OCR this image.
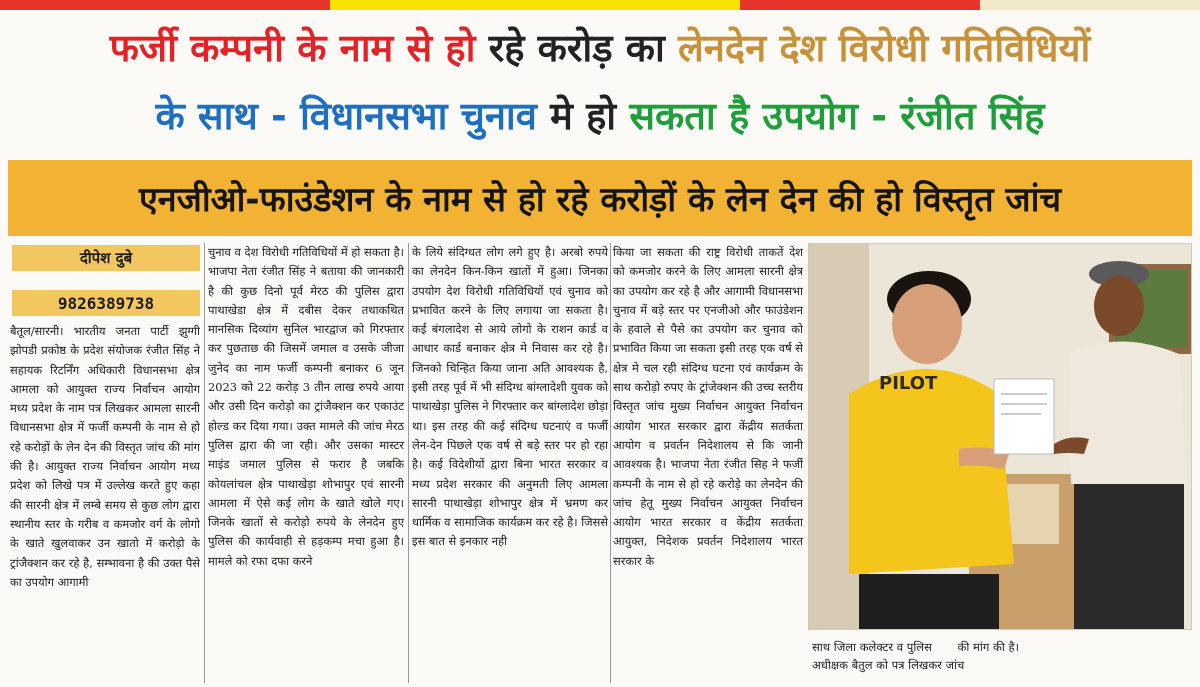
फर्जी कम्पनी के नाम से हो रहे करोड़ का लेनदेन देश विरोधी गतिविधियों
के साथ - विधानसभा चुनाव मे हो सकता है उपयोग - रंजीत सिंह
एनजीओ-फाउंडेशन के नाम से हो रहे करोड़ों के लेन देन की हो विस्तृत जांच
दीपेश दुबे
9826389738
बैतूल/सारनी। भारतीय जनता पार्टी झुग्गी झोपडी प्रकोष्ठ के प्रदेश संयोजक रंजीत सिंह ने सहायक रिटर्निंग अधिकारी विधानसभा क्षेत्र आमला को आयुक्त राज्य निर्वाचन आयोग मध्य प्रदेश के नाम पत्र लिखकर आमला सारनी विधानसभा क्षेत्र में फर्जी कम्पनी के नाम से हो रहे करोड़ों के लेन देन की विस्तृत जांच की मांग की है। आयुक्त राज्य निर्वाचन आयोग मध्य प्रदेश को लिखे पत्र में उल्लेख करते हुए कहा की सारनी क्षेत्र में लम्बे समय से कुछ लोग द्वारा स्थानीय स्तर के गरीब व कमजोर वर्ग के लोगो के खाते खुलवाकर उन खातो में करोड़ो के ट्रांजैक्शन कर रहे है, सम्भावना है की उक्त पैसे का उपयोग आगामी
चुनाव व देश विरोधी गतिविधियों में हो सकता है। भाजपा नेता रंजीत सिंह ने बताया की जानकारी है की कुछ दिनो पूर्व मेरठ की पुलिस द्वारा पाथाखेडा क्षेत्र में दबीस देकर तथाकथित मानसिक दिव्यांग सुनिल भारद्वाज को गिरफ्तार कर पुछताछ की जिसमें जमाल व उसके जीजा जुनेद का नाम फर्जी कम्पनी बनाकर 6 जून 2023 को 22 करोड़ 3 तीन लाख रुपये आया और उसी दिन करोड़ो का ट्रांजैक्शन कर एकाउंट होल्ड कर दिया गया। उक्त मामले की जांच मेरठ पुलिस द्वारा की जा रही। और उसका मास्टर माइंड जमाल पुलिस से फरार है जबकि कोयलांचल क्षेत्र पाथाखेड़ा शोभापुर एवं सारनी आमला में ऐसे कई लोग के खाते खोले गए। जिनके खातों से करोड़ो रुपये के लेनदेन हुए पुलिस की कार्यवाही से हड़कम्प मचा हुआ है। मामले को रफा दफा करने
के लिये संदिग्धत लोग लगे हुए है। अरबो रुपये का लेनदेन किन-किन खातों में हुआ। जिनका उपयोग देश विरोधी गतिविधियों एवं चुनाव को प्रभावित करने के लिए लगाया जा सकता है। कई बंगलादेश से आये लोगो के राशन कार्ड व आधार कार्ड बनाकर क्षेत्र मे निवास कर रहे है। जिनको चिन्हित किया जाना अति आवश्यक है, इसी तरह पूर्व में भी संदिग्ध बांग्लादेशी युवक को पाथाखेड़ा पुलिस ने गिरफ्तार कर बांग्लादेश छोड़ा था। इस तरह की कई संदिग्ध घटनाएं व फर्जी लेन-देन पिछले एक वर्ष से बड़े स्तर पर हो रहा है। कई विदेशीयों द्वारा बिना भारत सरकार व मध्य प्रदेश सरकार की अनुमती लिए आमला सारनी पाथाखेड़ा शोभापुर क्षेत्र में भ्रमण कर धार्मिक व सामाजिक कार्यक्रम कर रहे है। जिससे इस बात से इनकार नही
किया जा सकता की राष्ट्र विरोधी ताकतें देश को कमजोर करने के लिए आमला सारनी क्षेत्र का उपयोग कर रहे है और आगामी विधानसभा चुनाव में बड़े स्तर पर एनजीओ और फाउंडेशन के हवाले से पैसे का उपयोग कर चुनाव को प्रभावित किया जा सकता इसी तरह एक वर्ष से क्षेत्र मे चल रही संदिग्ध घटना एवं कार्यक्रम के साथ करोड़ो रुपए के ट्रांजेक्शन की उच्च स्तरीय विस्तृत जांच मुख्य निर्वाचन आयुक्त निर्वाचन आयोग भारत सरकार द्वारा केंद्रीय सतर्कता आयोग व प्रवर्तन निदेशालय से कि जानी आवश्यक है। भाजपा नेता रंजीत सिह ने फर्जी कम्पनी के नाम से हो रहे करोड़े का लेनदेन की जांच हेतू मुख्य निर्वाचन आयुक्त निर्वाचन आयोग भारत सरकार व केंद्रीय सतर्कता आयुक्त, निदेशक प्रवर्तन निदेशालय भारत सरकार के
PILOT
साथ जिला कलेक्टर व पुलिस की मांग की है।
अधीक्षक बैतुल को पत्र लिखकर जांच
